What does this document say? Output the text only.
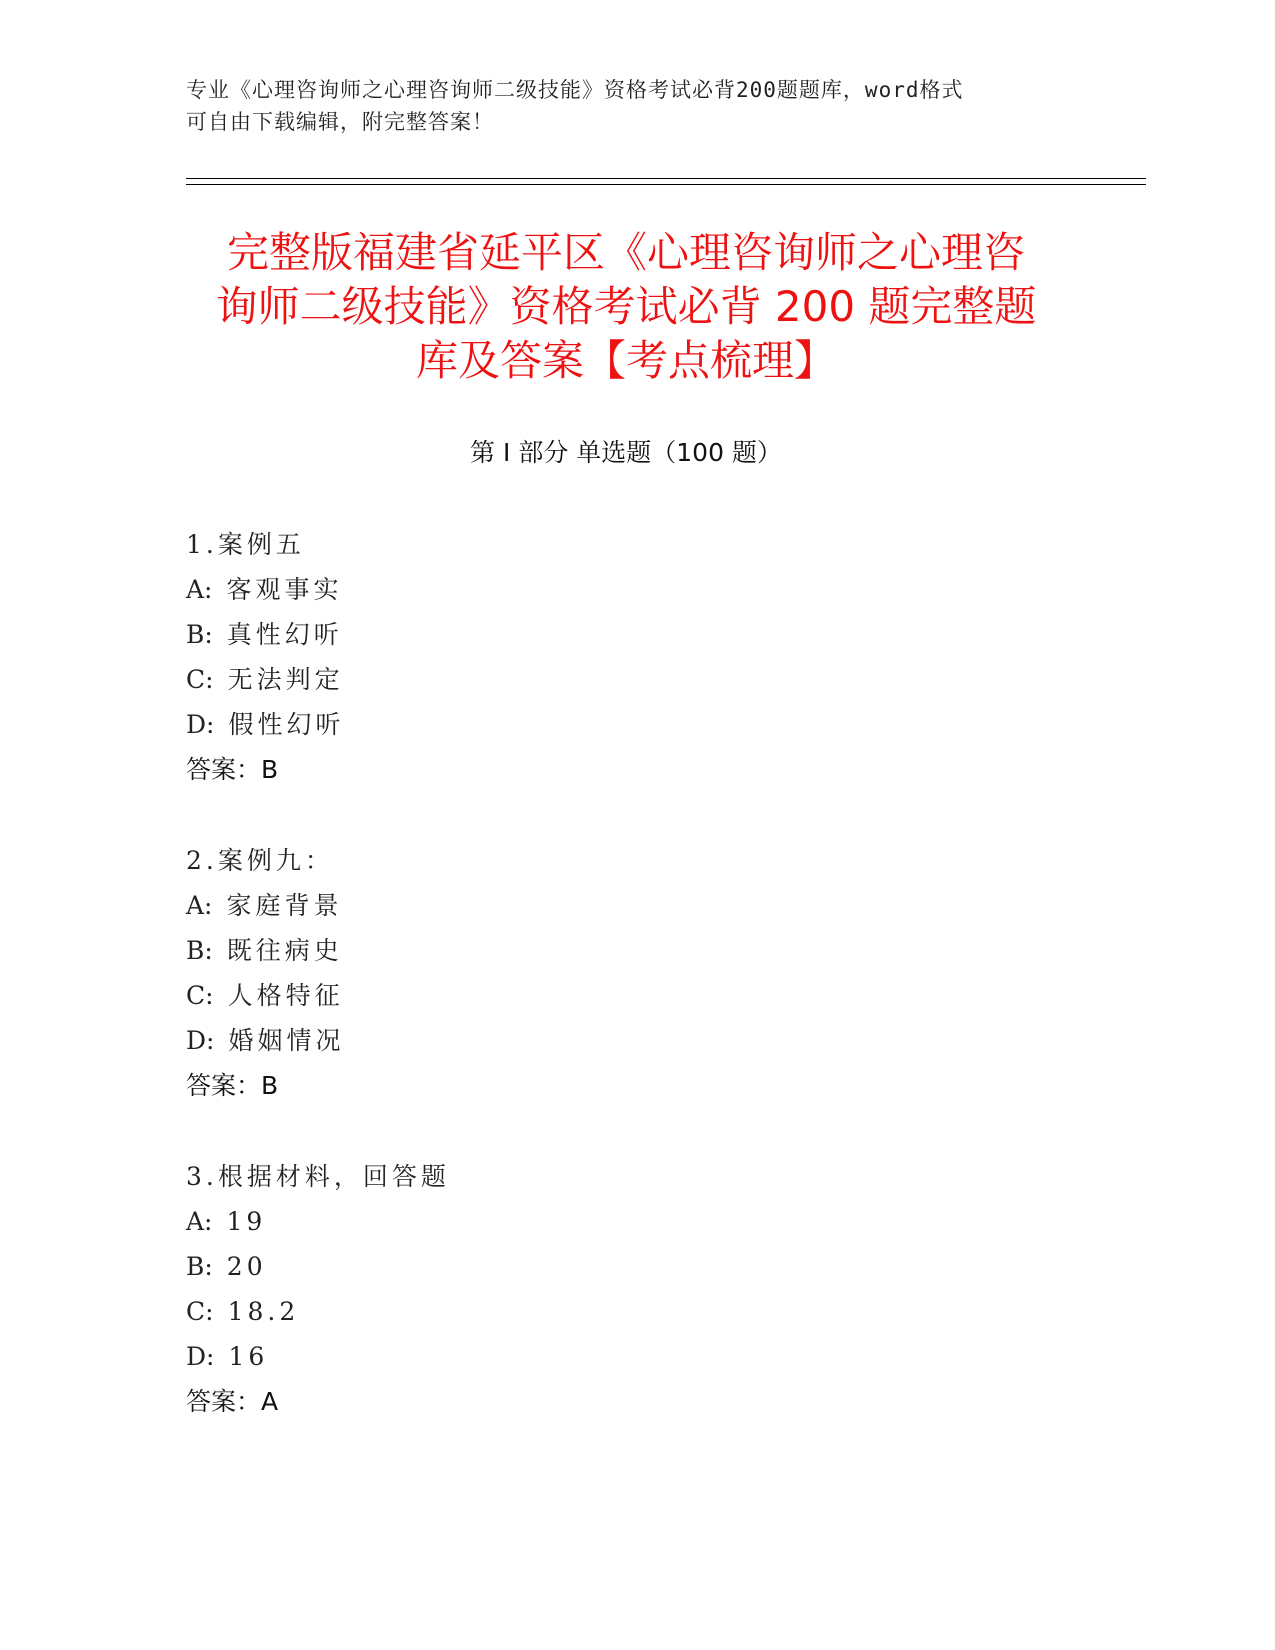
专业《心理咨询师之心理咨询师二级技能》资格考试必背200题题库，word格式
可自由下载编辑，附完整答案！
完整版福建省延平区《心理咨询师之心理咨
询师二级技能》资格考试必背 200 题完整题
库及答案【考点梳理】
第 I 部分 单选题（100 题）
1.案例五
A: 客观事实
B: 真性幻听
C: 无法判定
D: 假性幻听
答案：B
2.案例九：
A: 家庭背景
B: 既往病史
C: 人格特征
D: 婚姻情况
答案：B
3.根据材料，回答题
A: 19
B: 20
C: 18.2
D: 16
答案：A
